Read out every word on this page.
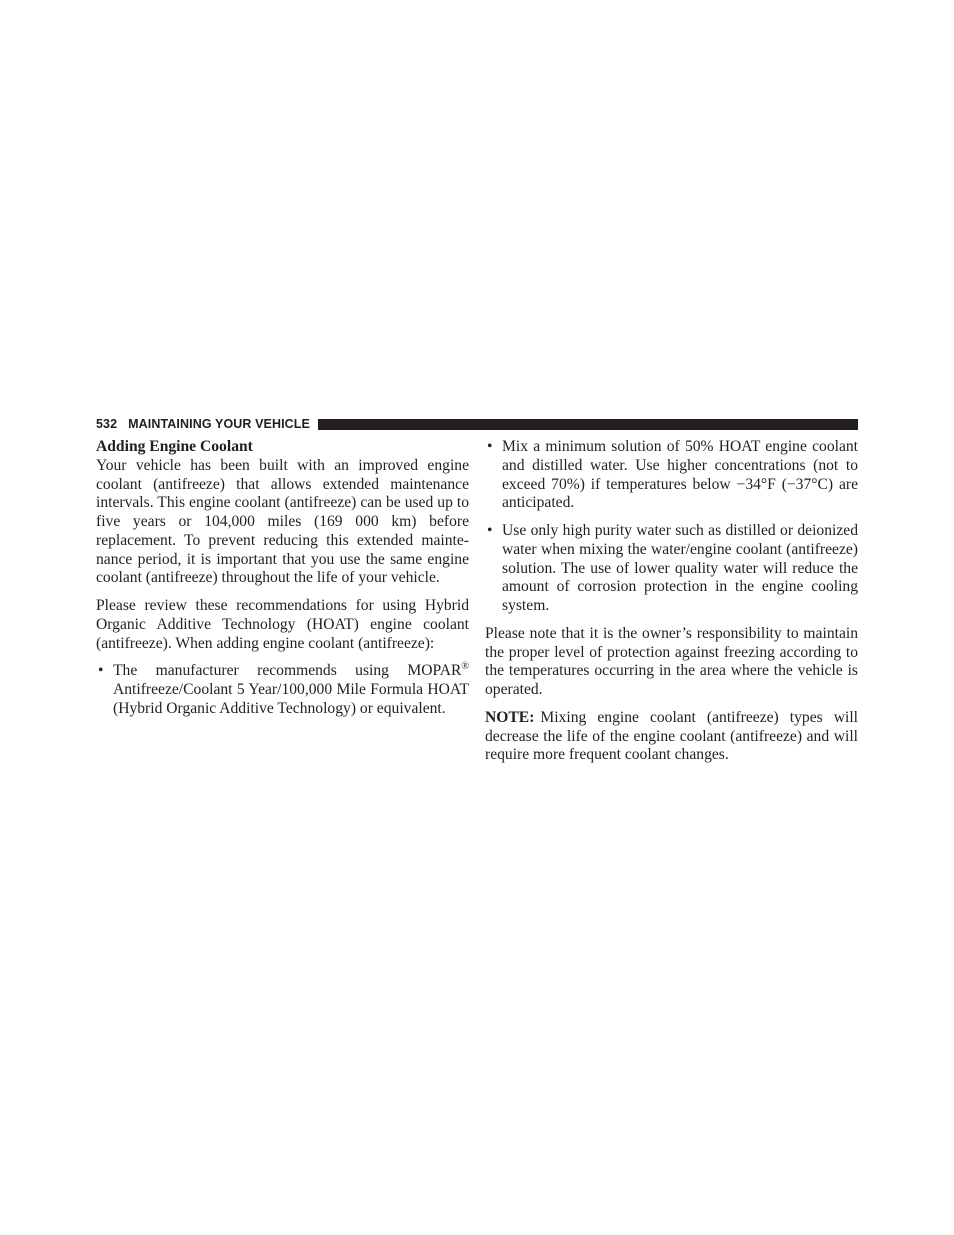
532 MAINTAINING YOUR VEHICLE
Adding Engine Coolant

Your vehicle has been built with an improved engine coolant (antifreeze) that allows extended maintenance intervals. This engine coolant (antifreeze) can be used up to five years or 104,000 miles (169 000 km) before replacement. To prevent reducing this extended maintenance period, it is important that you use the same engine coolant (antifreeze) throughout the life of your vehicle.

Please review these recommendations for using Hybrid Organic Additive Technology (HOAT) engine coolant (antifreeze). When adding engine coolant (antifreeze):

• The manufacturer recommends using MOPAR® Antifreeze/Coolant 5 Year/100,000 Mile Formula HOAT (Hybrid Organic Additive Technology) or equivalent.
• Mix a minimum solution of 50% HOAT engine coolant and distilled water. Use higher concentrations (not to exceed 70%) if temperatures below −34°F (−37°C) are anticipated.
• Use only high purity water such as distilled or deionized water when mixing the water/engine coolant (antifreeze) solution. The use of lower quality water will reduce the amount of corrosion protection in the engine cooling system.

Please note that it is the owner’s responsibility to maintain the proper level of protection against freezing according to the temperatures occurring in the area where the vehicle is operated.

NOTE: Mixing engine coolant (antifreeze) types will decrease the life of the engine coolant (antifreeze) and will require more frequent coolant changes.
